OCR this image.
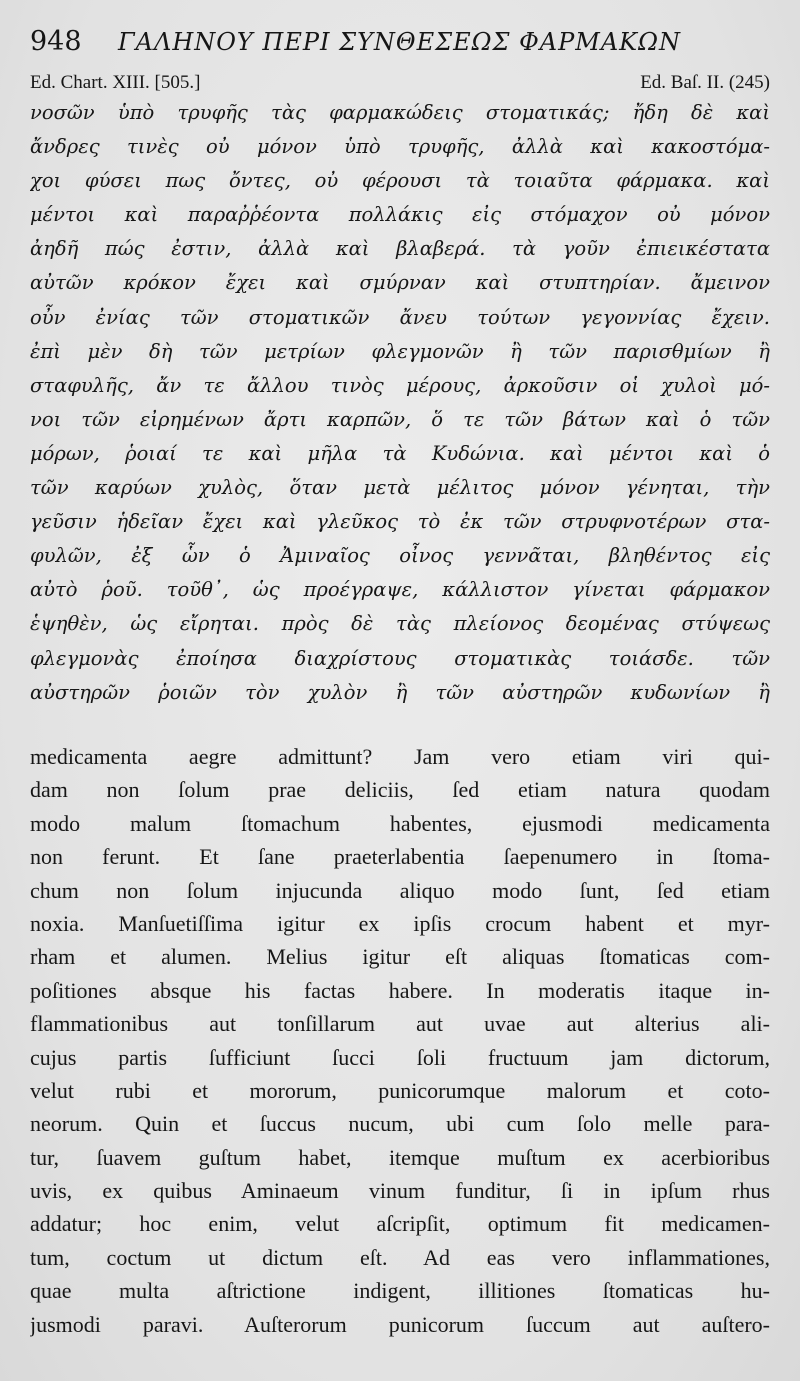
948 ΓΑΛΗΝΟΥ ΠΕΡΙ ΣΥΝΘΕΣΕΩΣ ΦΑΡΜΑΚΩΝ
Ed. Chart. XIII. [505.]	Ed. Baſ. II. (245)
νοσῶν ὑπὸ τρυφῆς τὰς φαρμακώδεις στοματικάς; ἤδη δὲ καὶ
ἄνδρες τινὲς οὐ μόνον ὑπὸ τρυφῆς, ἀλλὰ καὶ κακοστόμα-
χοι φύσει πως ὄντες, οὐ φέρουσι τὰ τοιαῦτα φάρμακα. καὶ
μέντοι καὶ παραῤῥέοντα πολλάκις εἰς στόμαχον οὐ μόνον
ἀηδῆ πώς ἐστιν, ἀλλὰ καὶ βλαβερά. τὰ γοῦν ἐπιεικέστατα
αὐτῶν κρόκον ἔχει καὶ σμύρναν καὶ στυπτηρίαν. ἄμεινον
οὖν ἐνίας τῶν στοματικῶν ἄνευ τούτων γεγοννίας ἔχειν.
ἐπὶ μὲν δὴ τῶν μετρίων φλεγμονῶν ἢ τῶν παρισθμίων ἢ
σταφυλῆς, ἄν τε ἄλλου τινὸς μέρους, ἀρκοῦσιν οἱ χυλοὶ μό-
νοι τῶν εἰρημένων ἄρτι καρπῶν, ὅ τε τῶν βάτων καὶ ὁ τῶν
μόρων, ῥοιαί τε καὶ μῆλα τὰ Κυδώνια. καὶ μέντοι καὶ ὁ
τῶν καρύων χυλὸς, ὅταν μετὰ μέλιτος μόνον γένηται, τὴν
γεῦσιν ἡδεῖαν ἔχει καὶ γλεῦκος τὸ ἐκ τῶν στρυφνοτέρων στα-
φυλῶν, ἐξ ὧν ὁ Ἀμιναῖος οἶνος γεννᾶται, βληθέντος εἰς
αὐτὸ ῥοῦ. τοῦθ᾽, ὡς προέγραψε, κάλλιστον γίνεται φάρμακον
ἑψηθὲν, ὡς εἴρηται. πρὸς δὲ τὰς πλείονος δεομένας στύψεως
φλεγμονὰς ἐποίησα διαχρίστους στοματικὰς τοιάσδε. τῶν
αὐστηρῶν ῥοιῶν τὸν χυλὸν ἢ τῶν αὐστηρῶν κυδωνίων ἢ
medicamenta aegre admittunt? Jam vero etiam viri qui-
dam non ſolum prae deliciis, ſed etiam natura quodam
modo malum ſtomachum habentes, ejusmodi medicamenta
non ferunt. Et ſane praeterlabentia ſaepenumero in ſtoma-
chum non ſolum injucunda aliquo modo ſunt, ſed etiam
noxia. Manſuetiſſima igitur ex ipſis crocum habent et myr-
rham et alumen. Melius igitur eſt aliquas ſtomaticas com-
poſitiones absque his factas habere. In moderatis itaque in-
flammationibus aut tonſillarum aut uvae aut alterius ali-
cujus partis ſufficiunt ſucci ſoli fructuum jam dictorum,
velut rubi et mororum, punicorumque malorum et coto-
neorum. Quin et ſuccus nucum, ubi cum ſolo melle para-
tur, ſuavem guſtum habet, itemque muſtum ex acerbioribus
uvis, ex quibus Aminaeum vinum funditur, ſi in ipſum rhus
addatur; hoc enim, velut aſcripſit, optimum fit medicamen-
tum, coctum ut dictum eſt. Ad eas vero inflammationes,
quae multa aſtrictione indigent, illitiones ſtomaticas hu-
jusmodi paravi. Auſterorum punicorum ſuccum aut auſtero-
